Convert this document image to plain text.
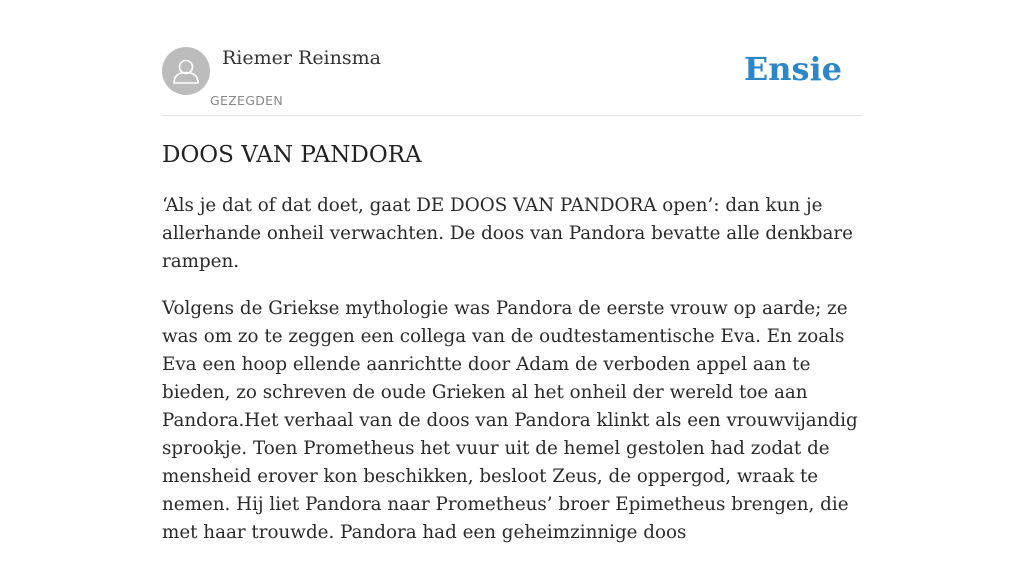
Riemer Reinsma
GEZEGDEN
Ensie
DOOS VAN PANDORA

‘Als je dat of dat doet, gaat DE DOOS VAN PANDORA open’: dan kun je allerhande onheil verwachten. De doos van Pandora bevatte alle denkbare rampen.

Volgens de Griekse mythologie was Pandora de eerste vrouw op aarde; ze was om zo te zeggen een collega van de oudtestamentische Eva. En zoals Eva een hoop ellende aanrichtte door Adam de verboden appel aan te bieden, zo schreven de oude Grieken al het onheil der wereld toe aan Pandora.Het verhaal van de doos van Pandora klinkt als een vrouwvijandig sprookje. Toen Prometheus het vuur uit de hemel gestolen had zodat de mensheid erover kon beschikken, besloot Zeus, de oppergod, wraak te nemen. Hij liet Pandora naar Prometheus’ broer Epimetheus brengen, die met haar trouwde. Pandora had een geheimzinnige doos
